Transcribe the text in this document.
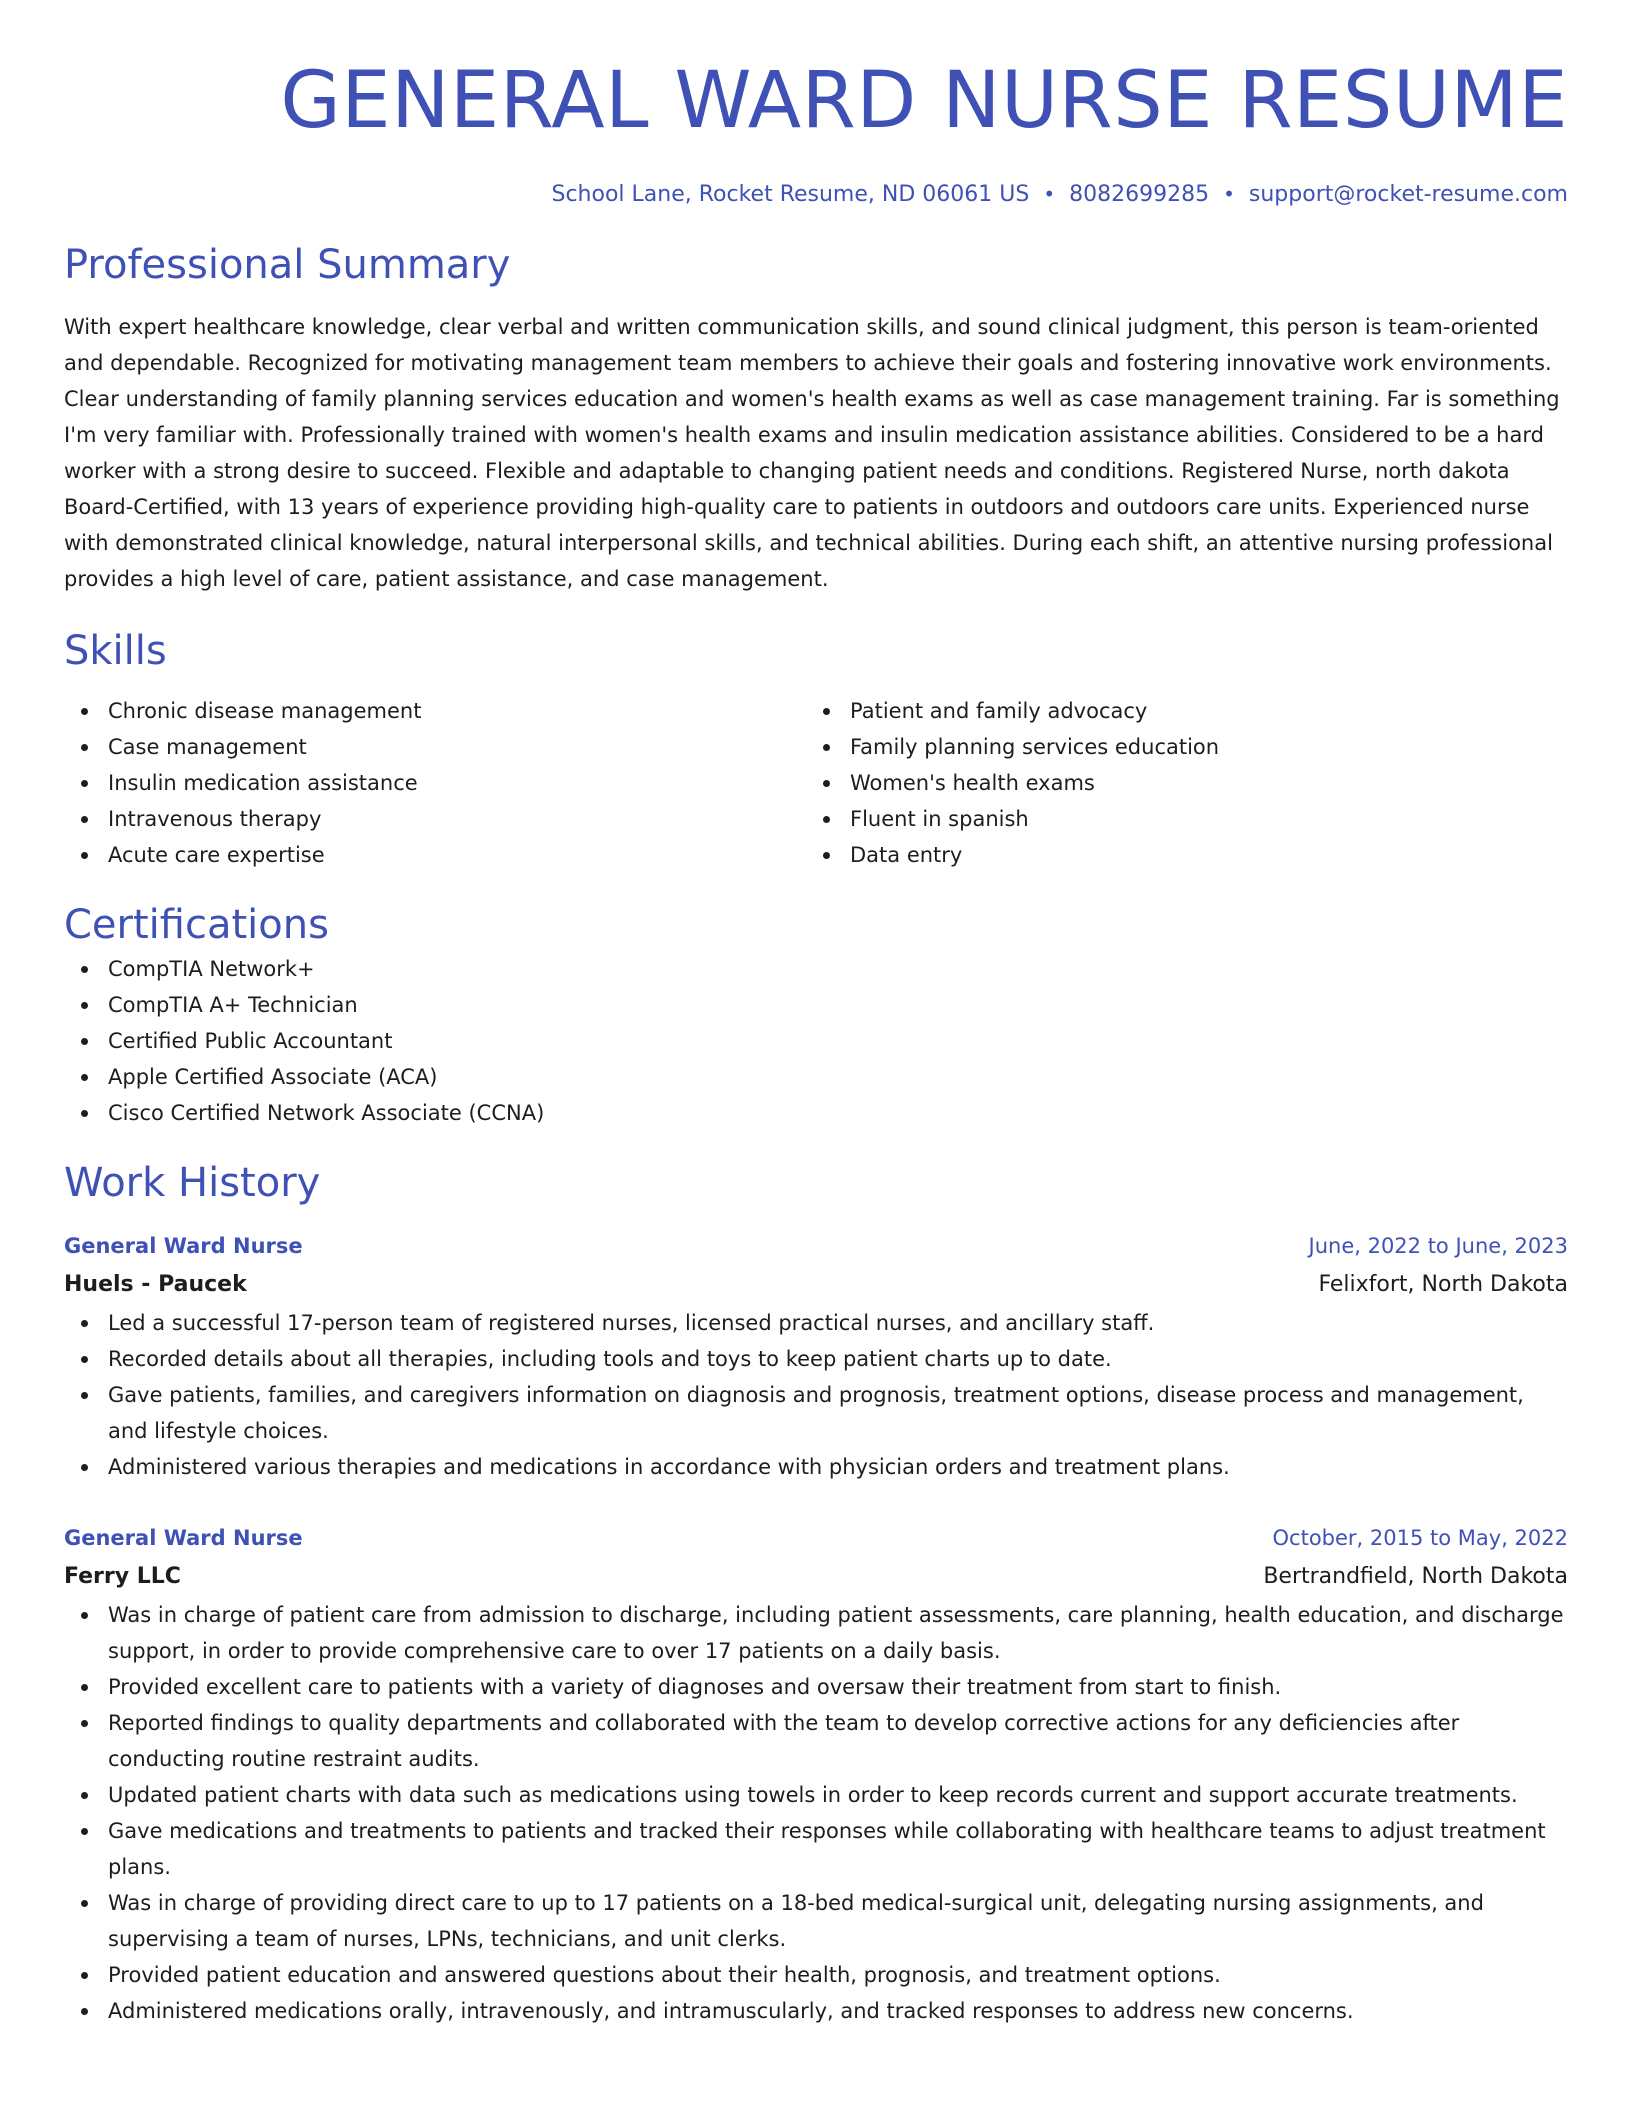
GENERAL WARD NURSE RESUME
School Lane, Rocket Resume, ND 06061 US • 8082699285 • support@rocket-resume.com
Professional Summary
With expert healthcare knowledge, clear verbal and written communication skills, and sound clinical judgment, this person is team-oriented and dependable. Recognized for motivating management team members to achieve their goals and fostering innovative work environments. Clear understanding of family planning services education and women's health exams as well as case management training. Far is something I'm very familiar with. Professionally trained with women's health exams and insulin medication assistance abilities. Considered to be a hard worker with a strong desire to succeed. Flexible and adaptable to changing patient needs and conditions. Registered Nurse, north dakota Board-Certified, with 13 years of experience providing high-quality care to patients in outdoors and outdoors care units. Experienced nurse with demonstrated clinical knowledge, natural interpersonal skills, and technical abilities. During each shift, an attentive nursing professional provides a high level of care, patient assistance, and case management.
Skills
Chronic disease management
Case management
Insulin medication assistance
Intravenous therapy
Acute care expertise
Patient and family advocacy
Family planning services education
Women's health exams
Fluent in spanish
Data entry
Certifications
CompTIA Network+
CompTIA A+ Technician
Certified Public Accountant
Apple Certified Associate (ACA)
Cisco Certified Network Associate (CCNA)
Work History
General Ward Nurse	June, 2022 to June, 2023
Huels - Paucek	Felixfort, North Dakota
Led a successful 17-person team of registered nurses, licensed practical nurses, and ancillary staff.
Recorded details about all therapies, including tools and toys to keep patient charts up to date.
Gave patients, families, and caregivers information on diagnosis and prognosis, treatment options, disease process and management, and lifestyle choices.
Administered various therapies and medications in accordance with physician orders and treatment plans.
General Ward Nurse	October, 2015 to May, 2022
Ferry LLC	Bertrandfield, North Dakota
Was in charge of patient care from admission to discharge, including patient assessments, care planning, health education, and discharge support, in order to provide comprehensive care to over 17 patients on a daily basis.
Provided excellent care to patients with a variety of diagnoses and oversaw their treatment from start to finish.
Reported findings to quality departments and collaborated with the team to develop corrective actions for any deficiencies after conducting routine restraint audits.
Updated patient charts with data such as medications using towels in order to keep records current and support accurate treatments.
Gave medications and treatments to patients and tracked their responses while collaborating with healthcare teams to adjust treatment plans.
Was in charge of providing direct care to up to 17 patients on a 18-bed medical-surgical unit, delegating nursing assignments, and supervising a team of nurses, LPNs, technicians, and unit clerks.
Provided patient education and answered questions about their health, prognosis, and treatment options.
Administered medications orally, intravenously, and intramuscularly, and tracked responses to address new concerns.
